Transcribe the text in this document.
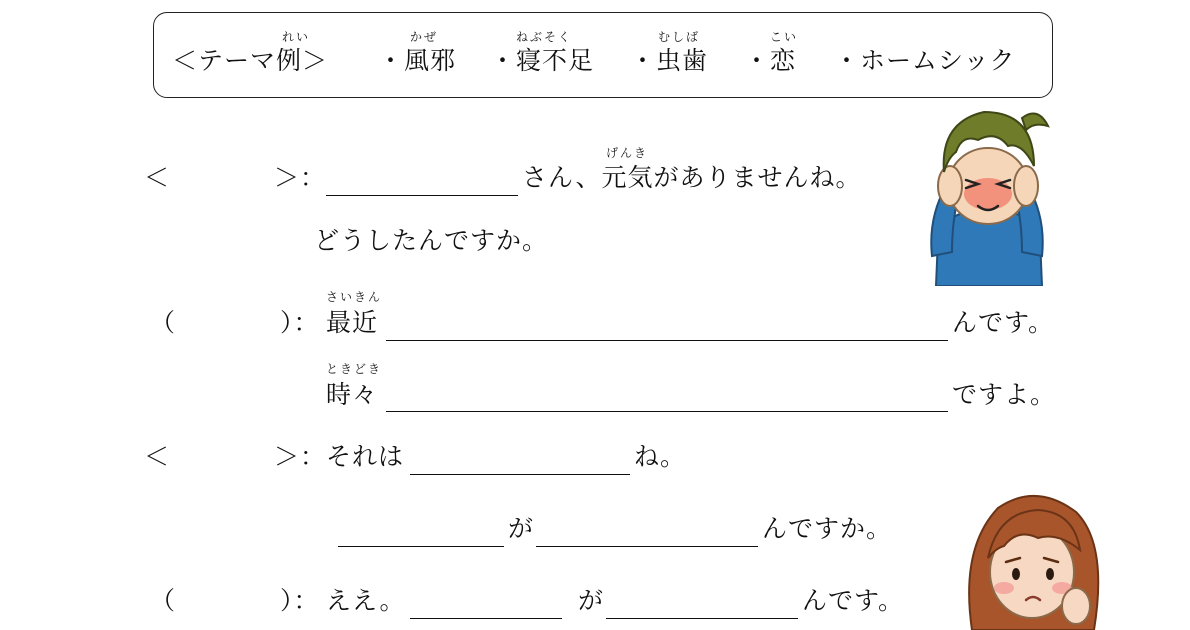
れい
＜テーマ例＞
かぜ
・風邪
ねぶそく
・寝不足
むしば
・虫歯
こい
・恋 ・ホームシック
＜　　　　＞：
げんき
さん、元気がありませんね。
どうしたんですか。
（　　　　）：
さいきん
最近	んです。
ときどき
時々	ですよ。
＜　　　　＞： それは	ね。
が	んですか。
（　　　　）： ええ。	が	んです。
